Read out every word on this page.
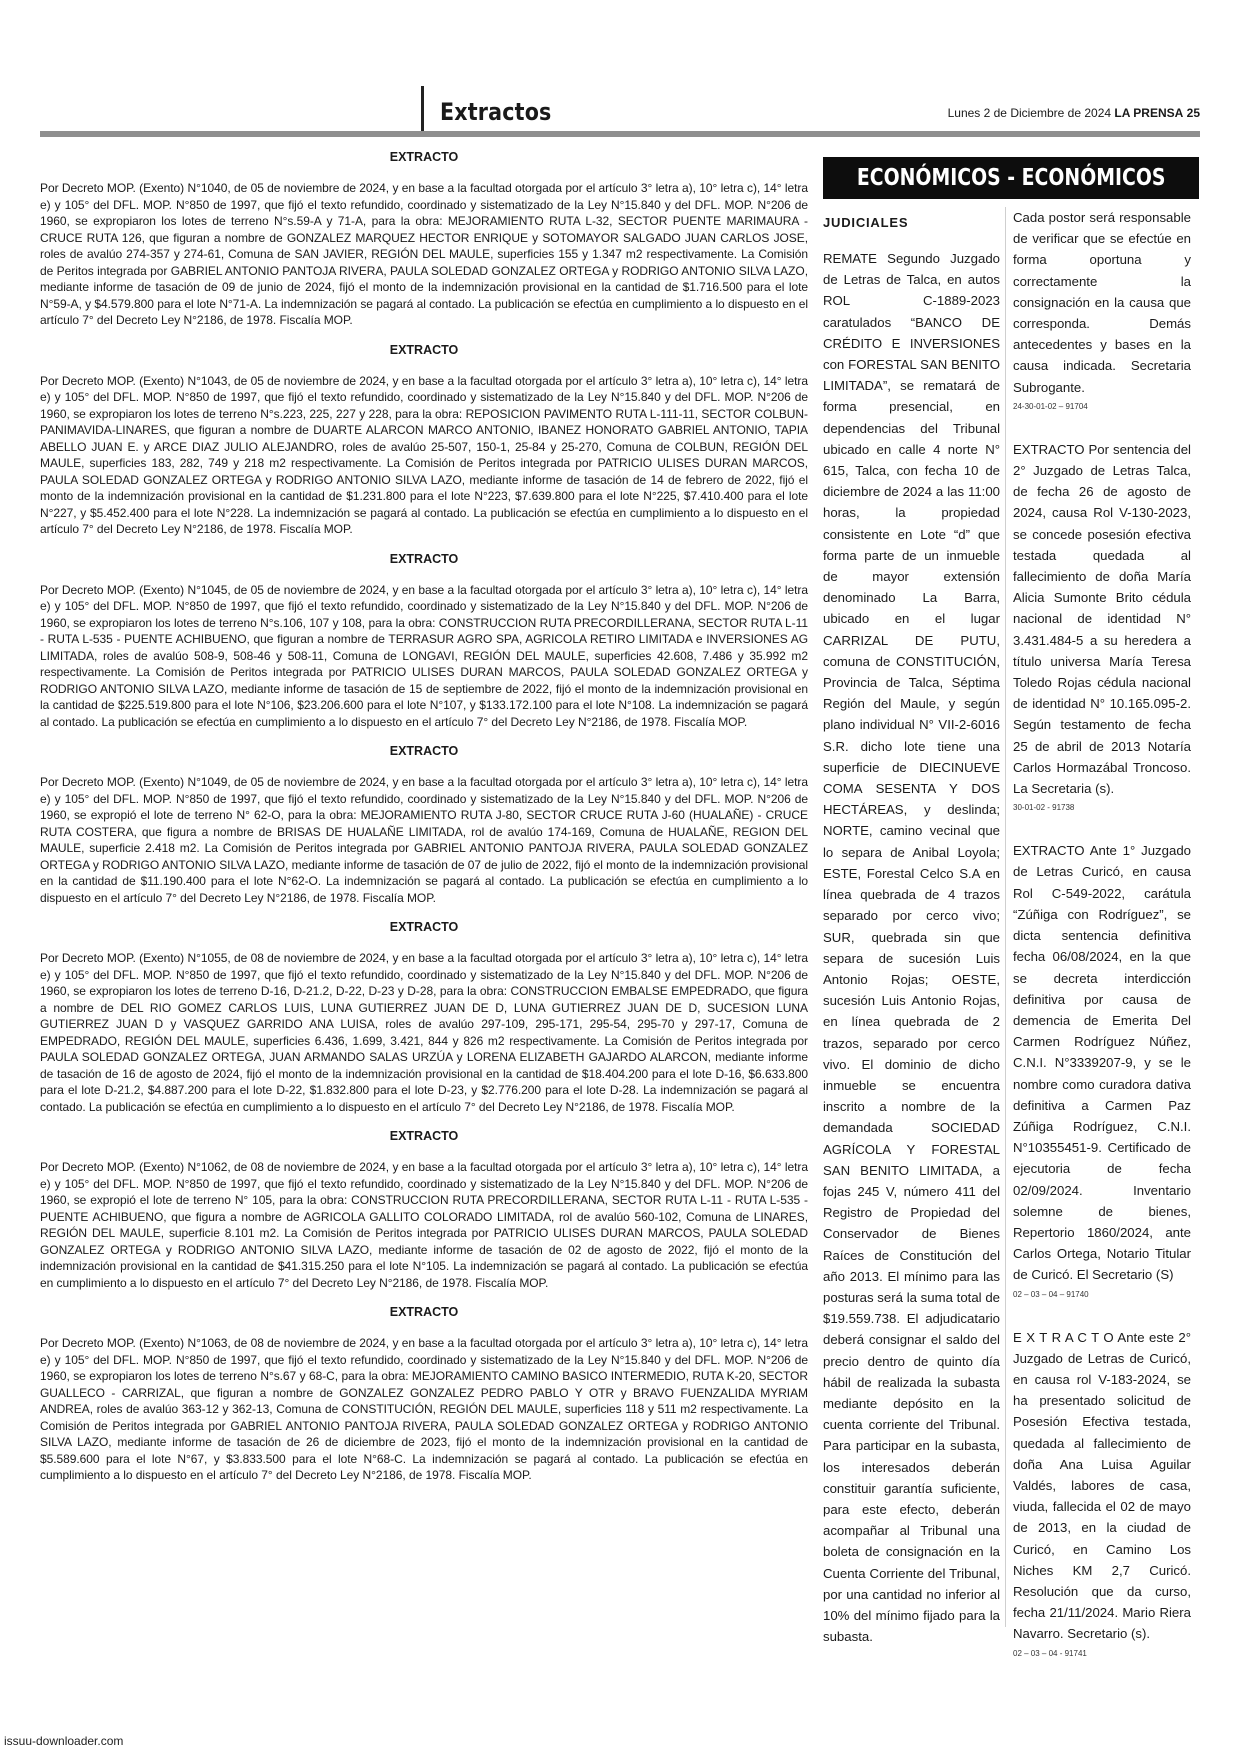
Extractos	Lunes 2 de Diciembre de 2024 LA PRENSA 25
EXTRACTO
Por Decreto MOP. (Exento) N°1040, de 05 de noviembre de 2024, y en base a la facultad otorgada por el artículo 3° letra a), 10° letra c), 14° letra e) y 105° del DFL. MOP. N°850 de 1997, que fijó el texto refundido, coordinado y sistematizado de la Ley N°15.840 y del DFL. MOP. N°206 de 1960, se expropiaron los lotes de terreno N°s.59-A y 71-A, para la obra: MEJORAMIENTO RUTA L-32, SECTOR PUENTE MARIMAURA - CRUCE RUTA 126, que figuran a nombre de GONZALEZ MARQUEZ HECTOR ENRIQUE y SOTOMAYOR SALGADO JUAN CARLOS JOSE, roles de avalúo 274-357 y 274-61, Comuna de SAN JAVIER, REGIÓN DEL MAULE, superficies 155 y 1.347 m2 respectivamente. La Comisión de Peritos integrada por GABRIEL ANTONIO PANTOJA RIVERA, PAULA SOLEDAD GONZALEZ ORTEGA y RODRIGO ANTONIO SILVA LAZO, mediante informe de tasación de 09 de junio de 2024, fijó el monto de la indemnización provisional en la cantidad de $1.716.500 para el lote N°59-A, y $4.579.800 para el lote N°71-A. La indemnización se pagará al contado. La publicación se efectúa en cumplimiento a lo dispuesto en el artículo 7° del Decreto Ley N°2186, de 1978. Fiscalía MOP.
EXTRACTO
Por Decreto MOP. (Exento) N°1043, de 05 de noviembre de 2024, y en base a la facultad otorgada por el artículo 3° letra a), 10° letra c), 14° letra e) y 105° del DFL. MOP. N°850 de 1997, que fijó el texto refundido, coordinado y sistematizado de la Ley N°15.840 y del DFL. MOP. N°206 de 1960, se expropiaron los lotes de terreno N°s.223, 225, 227 y 228, para la obra: REPOSICION PAVIMENTO RUTA L-111-11, SECTOR COLBUN-PANIMAVIDA-LINARES, que figuran a nombre de DUARTE ALARCON MARCO ANTONIO, IBANEZ HONORATO GABRIEL ANTONIO, TAPIA ABELLO JUAN E. y ARCE DIAZ JULIO ALEJANDRO, roles de avalúo 25-507, 150-1, 25-84 y 25-270, Comuna de COLBUN, REGIÓN DEL MAULE, superficies 183, 282, 749 y 218 m2 respectivamente. La Comisión de Peritos integrada por PATRICIO ULISES DURAN MARCOS, PAULA SOLEDAD GONZALEZ ORTEGA y RODRIGO ANTONIO SILVA LAZO, mediante informe de tasación de 14 de febrero de 2022, fijó el monto de la indemnización provisional en la cantidad de $1.231.800 para el lote N°223, $7.639.800 para el lote N°225, $7.410.400 para el lote N°227, y $5.452.400 para el lote N°228. La indemnización se pagará al contado. La publicación se efectúa en cumplimiento a lo dispuesto en el artículo 7° del Decreto Ley N°2186, de 1978. Fiscalía MOP.
EXTRACTO
Por Decreto MOP. (Exento) N°1045, de 05 de noviembre de 2024, y en base a la facultad otorgada por el artículo 3° letra a), 10° letra c), 14° letra e) y 105° del DFL. MOP. N°850 de 1997, que fijó el texto refundido, coordinado y sistematizado de la Ley N°15.840 y del DFL. MOP. N°206 de 1960, se expropiaron los lotes de terreno N°s.106, 107 y 108, para la obra: CONSTRUCCION RUTA PRECORDILLERANA, SECTOR RUTA L-11 - RUTA L-535 - PUENTE ACHIBUENO, que figuran a nombre de TERRASUR AGRO SPA, AGRICOLA RETIRO LIMITADA e INVERSIONES AG LIMITADA, roles de avalúo 508-9, 508-46 y 508-11, Comuna de LONGAVI, REGIÓN DEL MAULE, superficies 42.608, 7.486 y 35.992 m2 respectivamente. La Comisión de Peritos integrada por PATRICIO ULISES DURAN MARCOS, PAULA SOLEDAD GONZALEZ ORTEGA y RODRIGO ANTONIO SILVA LAZO, mediante informe de tasación de 15 de septiembre de 2022, fijó el monto de la indemnización provisional en la cantidad de $225.519.800 para el lote N°106, $23.206.600 para el lote N°107, y $133.172.100 para el lote N°108. La indemnización se pagará al contado. La publicación se efectúa en cumplimiento a lo dispuesto en el artículo 7° del Decreto Ley N°2186, de 1978. Fiscalía MOP.
EXTRACTO
Por Decreto MOP. (Exento) N°1049, de 05 de noviembre de 2024, y en base a la facultad otorgada por el artículo 3° letra a), 10° letra c), 14° letra e) y 105° del DFL. MOP. N°850 de 1997, que fijó el texto refundido, coordinado y sistematizado de la Ley N°15.840 y del DFL. MOP. N°206 de 1960, se expropió el lote de terreno N° 62-O, para la obra: MEJORAMIENTO RUTA J-80, SECTOR CRUCE RUTA J-60 (HUALAÑE) - CRUCE RUTA COSTERA, que figura a nombre de BRISAS DE HUALAÑE LIMITADA, rol de avalúo 174-169, Comuna de HUALAÑE, REGION DEL MAULE, superficie 2.418 m2. La Comisión de Peritos integrada por GABRIEL ANTONIO PANTOJA RIVERA, PAULA SOLEDAD GONZALEZ ORTEGA y RODRIGO ANTONIO SILVA LAZO, mediante informe de tasación de 07 de julio de 2022, fijó el monto de la indemnización provisional en la cantidad de $11.190.400 para el lote N°62-O. La indemnización se pagará al contado. La publicación se efectúa en cumplimiento a lo dispuesto en el artículo 7° del Decreto Ley N°2186, de 1978. Fiscalía MOP.
EXTRACTO
Por Decreto MOP. (Exento) N°1055, de 08 de noviembre de 2024, y en base a la facultad otorgada por el artículo 3° letra a), 10° letra c), 14° letra e) y 105° del DFL. MOP. N°850 de 1997, que fijó el texto refundido, coordinado y sistematizado de la Ley N°15.840 y del DFL. MOP. N°206 de 1960, se expropiaron los lotes de terreno D-16, D-21.2, D-22, D-23 y D-28, para la obra: CONSTRUCCION EMBALSE EMPEDRADO, que figura a nombre de DEL RIO GOMEZ CARLOS LUIS, LUNA GUTIERREZ JUAN DE D, LUNA GUTIERREZ JUAN DE D, SUCESION LUNA GUTIERREZ JUAN D y VASQUEZ GARRIDO ANA LUISA, roles de avalúo 297-109, 295-171, 295-54, 295-70 y 297-17, Comuna de EMPEDRADO, REGIÓN DEL MAULE, superficies 6.436, 1.699, 3.421, 844 y 826 m2 respectivamente. La Comisión de Peritos integrada por PAULA SOLEDAD GONZALEZ ORTEGA, JUAN ARMANDO SALAS URZÚA y LORENA ELIZABETH GAJARDO ALARCON, mediante informe de tasación de 16 de agosto de 2024, fijó el monto de la indemnización provisional en la cantidad de $18.404.200 para el lote D-16, $6.633.800 para el lote D-21.2, $4.887.200 para el lote D-22, $1.832.800 para el lote D-23, y $2.776.200 para el lote D-28. La indemnización se pagará al contado. La publicación se efectúa en cumplimiento a lo dispuesto en el artículo 7° del Decreto Ley N°2186, de 1978. Fiscalía MOP.
EXTRACTO
Por Decreto MOP. (Exento) N°1062, de 08 de noviembre de 2024, y en base a la facultad otorgada por el artículo 3° letra a), 10° letra c), 14° letra e) y 105° del DFL. MOP. N°850 de 1997, que fijó el texto refundido, coordinado y sistematizado de la Ley N°15.840 y del DFL. MOP. N°206 de 1960, se expropió el lote de terreno N° 105, para la obra: CONSTRUCCION RUTA PRECORDILLERANA, SECTOR RUTA L-11 - RUTA L-535 - PUENTE ACHIBUENO, que figura a nombre de AGRICOLA GALLITO COLORADO LIMITADA, rol de avalúo 560-102, Comuna de LINARES, REGIÓN DEL MAULE, superficie 8.101 m2. La Comisión de Peritos integrada por PATRICIO ULISES DURAN MARCOS, PAULA SOLEDAD GONZALEZ ORTEGA y RODRIGO ANTONIO SILVA LAZO, mediante informe de tasación de 02 de agosto de 2022, fijó el monto de la indemnización provisional en la cantidad de $41.315.250 para el lote N°105. La indemnización se pagará al contado. La publicación se efectúa en cumplimiento a lo dispuesto en el artículo 7° del Decreto Ley N°2186, de 1978. Fiscalía MOP.
EXTRACTO
Por Decreto MOP. (Exento) N°1063, de 08 de noviembre de 2024, y en base a la facultad otorgada por el artículo 3° letra a), 10° letra c), 14° letra e) y 105° del DFL. MOP. N°850 de 1997, que fijó el texto refundido, coordinado y sistematizado de la Ley N°15.840 y del DFL. MOP. N°206 de 1960, se expropiaron los lotes de terreno N°s.67 y 68-C, para la obra: MEJORAMIENTO CAMINO BASICO INTERMEDIO, RUTA K-20, SECTOR GUALLECO - CARRIZAL, que figuran a nombre de GONZALEZ GONZALEZ PEDRO PABLO Y OTR y BRAVO FUENZALIDA MYRIAM ANDREA, roles de avalúo 363-12 y 362-13, Comuna de CONSTITUCIÓN, REGIÓN DEL MAULE, superficies 118 y 511 m2 respectivamente. La Comisión de Peritos integrada por GABRIEL ANTONIO PANTOJA RIVERA, PAULA SOLEDAD GONZALEZ ORTEGA y RODRIGO ANTONIO SILVA LAZO, mediante informe de tasación de 26 de diciembre de 2023, fijó el monto de la indemnización provisional en la cantidad de $5.589.600 para el lote N°67, y $3.833.500 para el lote N°68-C. La indemnización se pagará al contado. La publicación se efectúa en cumplimiento a lo dispuesto en el artículo 7° del Decreto Ley N°2186, de 1978. Fiscalía MOP.
ECONÓMICOS - ECONÓMICOS
JUDICIALES
REMATE Segundo Juzgado de Letras de Talca, en autos ROL C-1889-2023 caratulados “BANCO DE CRÉDITO E INVERSIONES con FORESTAL SAN BENITO LIMITADA”, se rematará de forma presencial, en dependencias del Tribunal ubicado en calle 4 norte N° 615, Talca, con fecha 10 de diciembre de 2024 a las 11:00 horas, la propiedad consistente en Lote “d” que forma parte de un inmueble de mayor extensión denominado La Barra, ubicado en el lugar CARRIZAL DE PUTU, comuna de CONSTITUCIÓN, Provincia de Talca, Séptima Región del Maule, y según plano individual N° VII-2-6016 S.R. dicho lote tiene una superficie de DIECINUEVE COMA SESENTA Y DOS HECTÁREAS, y deslinda; NORTE, camino vecinal que lo separa de Anibal Loyola; ESTE, Forestal Celco S.A en línea quebrada de 4 trazos separado por cerco vivo; SUR, quebrada sin que separa de sucesión Luis Antonio Rojas; OESTE, sucesión Luis Antonio Rojas, en línea quebrada de 2 trazos, separado por cerco vivo. El dominio de dicho inmueble se encuentra inscrito a nombre de la demandada SOCIEDAD AGRÍCOLA Y FORESTAL SAN BENITO LIMITADA, a fojas 245 V, número 411 del Registro de Propiedad del Conservador de Bienes Raíces de Constitución del año 2013. El mínimo para las posturas será la suma total de $19.559.738. El adjudicatario deberá consignar el saldo del precio dentro de quinto día hábil de realizada la subasta mediante depósito en la cuenta corriente del Tribunal. Para participar en la subasta, los interesados deberán constituir garantía suficiente, para este efecto, deberán acompañar al Tribunal una boleta de consignación en la Cuenta Corriente del Tribunal, por una cantidad no inferior al 10% del mínimo fijado para la subasta.
Cada postor será responsable de verificar que se efectúe en forma oportuna y correctamente la consignación en la causa que corresponda. Demás antecedentes y bases en la causa indicada. Secretaria Subrogante.
24-30-01-02 – 91704
EXTRACTO Por sentencia del 2° Juzgado de Letras Talca, de fecha 26 de agosto de 2024, causa Rol V-130-2023, se concede posesión efectiva testada quedada al fallecimiento de doña María Alicia Sumonte Brito cédula nacional de identidad N° 3.431.484-5 a su heredera a título universa María Teresa Toledo Rojas cédula nacional de identidad N° 10.165.095-2. Según testamento de fecha 25 de abril de 2013 Notaría Carlos Hormazábal Troncoso. La Secretaria (s).
30-01-02 - 91738
EXTRACTO Ante 1° Juzgado de Letras Curicó, en causa Rol C-549-2022, carátula “Zúñiga con Rodríguez”, se dicta sentencia definitiva fecha 06/08/2024, en la que se decreta interdicción definitiva por causa de demencia de Emerita Del Carmen Rodríguez Núñez, C.N.I. N°3339207-9, y se le nombre como curadora dativa definitiva a Carmen Paz Zúñiga Rodríguez, C.N.I. N°10355451-9. Certificado de ejecutoria de fecha 02/09/2024. Inventario solemne de bienes, Repertorio 1860/2024, ante Carlos Ortega, Notario Titular de Curicó. El Secretario (S)
02 – 03 – 04 – 91740
E X T R A C T O Ante este 2° Juzgado de Letras de Curicó, en causa rol V-183-2024, se ha presentado solicitud de Posesión Efectiva testada, quedada al fallecimiento de doña Ana Luisa Aguilar Valdés, labores de casa, viuda, fallecida el 02 de mayo de 2013, en la ciudad de Curicó, en Camino Los Niches KM 2,7 Curicó. Resolución que da curso, fecha 21/11/2024. Mario Riera Navarro. Secretario (s).
02 – 03 – 04 - 91741
issuu-downloader.com
